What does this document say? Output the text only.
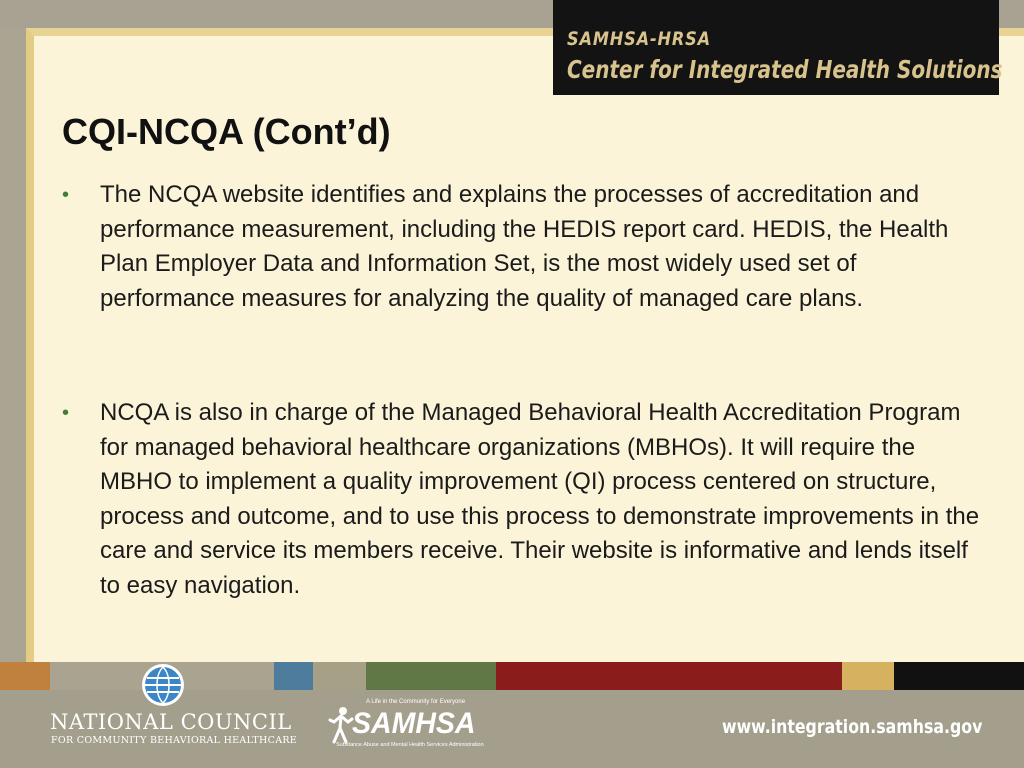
SAMHSA-HRSA
Center for Integrated Health Solutions
CQI-NCQA (Cont’d)
• The NCQA website identifies and explains the processes of accreditation and performance measurement, including the HEDIS report card. HEDIS, the Health Plan Employer Data and Information Set, is the most widely used set of performance measures for analyzing the quality of managed care plans.
• NCQA is also in charge of the Managed Behavioral Health Accreditation Program for managed behavioral healthcare organizations (MBHOs). It will require the MBHO to implement a quality improvement (QI) process centered on structure, process and outcome, and to use this process to demonstrate improvements in the care and service its members receive. Their website is informative and lends itself to easy navigation.
NATIONAL COUNCIL
FOR COMMUNITY BEHAVIORAL HEALTHCARE
A Life in the Community for Everyone
SAMHSA
Substance Abuse and Mental Health Services Administration
www.integration.samhsa.gov
